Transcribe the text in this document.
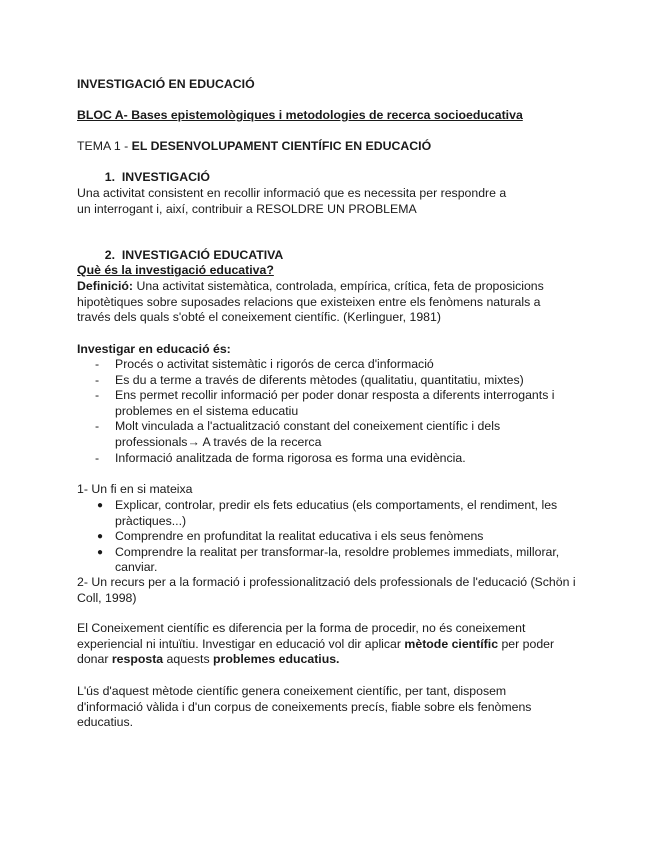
INVESTIGACIÓ EN EDUCACIÓ
BLOC A- Bases epistemològiques i metodologies de recerca socioeducativa
TEMA 1 - EL DESENVOLUPAMENT CIENTÍFIC EN EDUCACIÓ
1. INVESTIGACIÓ

Una activitat consistent en recollir informació que es necessita per respondre a un interrogant i, així, contribuir a RESOLDRE UN PROBLEMA

2. INVESTIGACIÓ EDUCATIVA
Què és la investigació educativa?

Definició: Una activitat sistemàtica, controlada, empírica, crítica, feta de proposicions hipotètiques sobre suposades relacions que existeixen entre els fenòmens naturals a través dels quals s'obté el coneixement científic. (Kerlinguer, 1981)

Investigar en educació és:
- Procés o activitat sistemàtic i rigorós de cerca d'informació
- Es du a terme a través de diferents mètodes (qualitatiu, quantitatiu, mixtes)
- Ens permet recollir informació per poder donar resposta a diferents interrogants i problemes en el sistema educatiu
- Molt vinculada a l'actualització constant del coneixement científic i dels professionals→ A través de la recerca
- Informació analitzada de forma rigorosa es forma una evidència.
1- Un fi en si mateixa
● Explicar, controlar, predir els fets educatius (els comportaments, el rendiment, les pràctiques...)
● Comprendre en profunditat la realitat educativa i els seus fenòmens
● Comprendre la realitat per transformar-la, resoldre problemes immediats, millorar, canviar.

2- Un recurs per a la formació i professionalització dels professionals de l'educació (Schön i Coll, 1998)

El Coneixement científic es diferencia per la forma de procedir, no és coneixement experiencial ni intuïtiu. Investigar en educació vol dir aplicar mètode científic per poder donar resposta aquests problemes educatius.

L'ús d'aquest mètode científic genera coneixement científic, per tant, disposem d'informació vàlida i d'un corpus de coneixements precís, fiable sobre els fenòmens educatius.
